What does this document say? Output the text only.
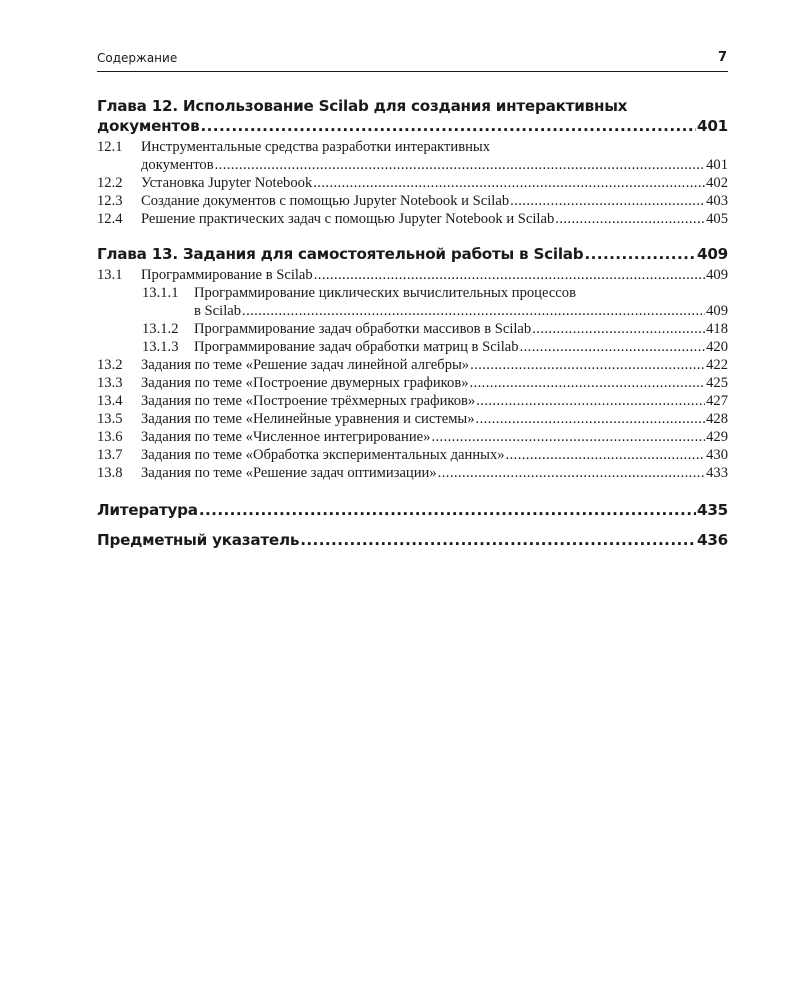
Содержание	7
Глава 12. Использование Scilab для создания интерактивных
документов .....	401
12.1 Инструментальные средства разработки интерактивных
документов .....	401
12.2 Установка Jupyter Notebook .....	402
12.3 Создание документов с помощью Jupyter Notebook и Scilab .....	403
12.4 Решение практических задач с помощью Jupyter Notebook и Scilab .....	405
Глава 13. Задания для самостоятельной работы в Scilab .....	409
13.1 Программирование в Scilab .....	409
13.1.1 Программирование циклических вычислительных процессов
в Scilab .....	409
13.1.2 Программирование задач обработки массивов в Scilab .....	418
13.1.3 Программирование задач обработки матриц в Scilab .....	420
13.2 Задания по теме «Решение задач линейной алгебры» .....	422
13.3 Задания по теме «Построение двумерных графиков» .....	425
13.4 Задания по теме «Построение трёхмерных графиков» .....	427
13.5 Задания по теме «Нелинейные уравнения и системы» .....	428
13.6 Задания по теме «Численное интегрирование» .....	429
13.7 Задания по теме «Обработка экспериментальных данных» .....	430
13.8 Задания по теме «Решение задач оптимизации» .....	433
Литература .....	435
Предметный указатель .....	436
